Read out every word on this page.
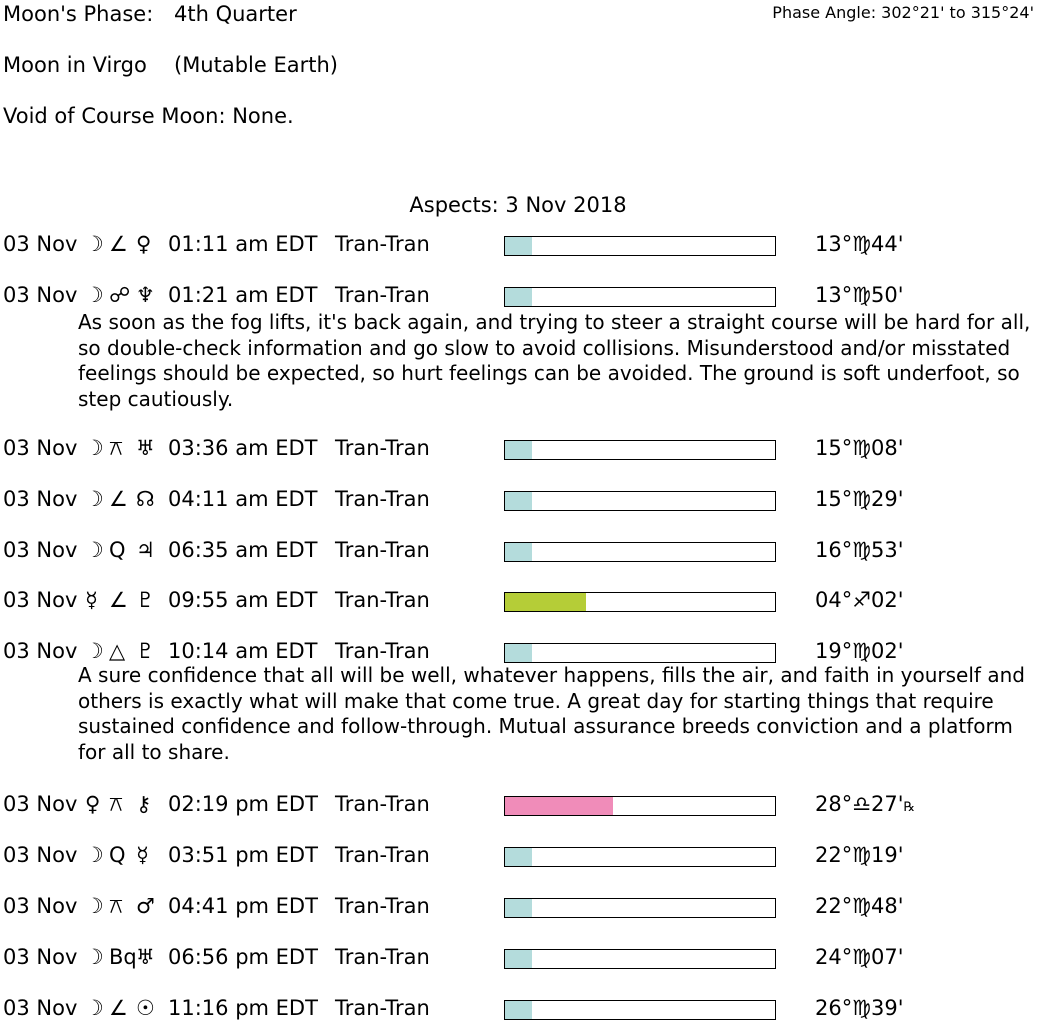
Moon's Phase: 4th Quarter	Phase Angle: 302°21' to 315°24'
Moon in Virgo (Mutable Earth)
Void of Course Moon: None.
Aspects: 3 Nov 2018
03 Nov ☽ ∠ ♀ 01:11 am EDT Tran-Tran	13°♍44'
03 Nov ☽ ☍ ♆ 01:21 am EDT Tran-Tran	13°♍50'
As soon as the fog lifts, it's back again, and trying to steer a straight course will be hard for all, so double-check information and go slow to avoid collisions. Misunderstood and/or misstated feelings should be expected, so hurt feelings can be avoided. The ground is soft underfoot, so step cautiously.
03 Nov ☽ ⚻ ♅ 03:36 am EDT Tran-Tran	15°♍08'
03 Nov ☽ ∠ ☊ 04:11 am EDT Tran-Tran	15°♍29'
03 Nov ☽ Q ♃ 06:35 am EDT Tran-Tran	16°♍53'
03 Nov ☿ ∠ ♇ 09:55 am EDT Tran-Tran	04°♐02'
03 Nov ☽ △ ♇ 10:14 am EDT Tran-Tran	19°♍02'
A sure confidence that all will be well, whatever happens, fills the air, and faith in yourself and others is exactly what will make that come true. A great day for starting things that require sustained confidence and follow-through. Mutual assurance breeds conviction and a platform for all to share.
03 Nov ♀ ⚻ ⚷ 02:19 pm EDT Tran-Tran	28°♎27'℞
03 Nov ☽ Q ☿ 03:51 pm EDT Tran-Tran	22°♍19'
03 Nov ☽ ⚻ ♂ 04:41 pm EDT Tran-Tran	22°♍48'
03 Nov ☽ Bq ♅ 06:56 pm EDT Tran-Tran	24°♍07'
03 Nov ☽ ∠ ☉ 11:16 pm EDT Tran-Tran	26°♍39'
